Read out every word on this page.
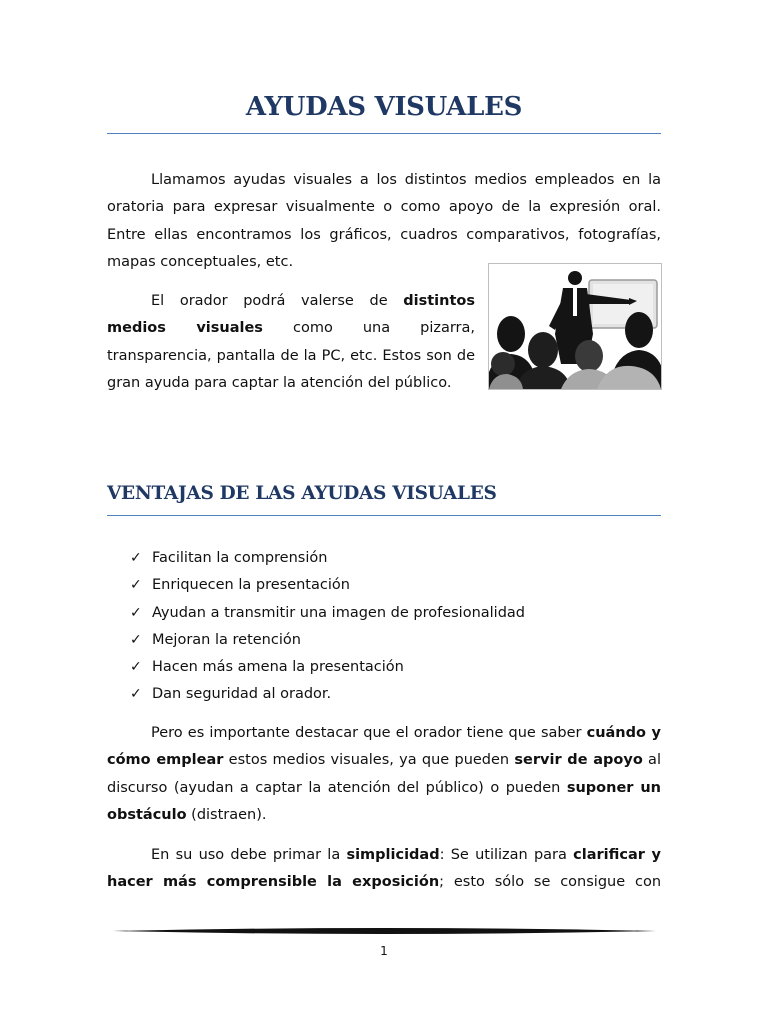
AYUDAS VISUALES
Llamamos ayudas visuales a los distintos medios empleados en la oratoria para expresar visualmente o como apoyo de la expresión oral. Entre ellas encontramos los gráficos, cuadros comparativos, fotografías, mapas conceptuales, etc.
El orador podrá valerse de distintos medios visuales como una pizarra, transparencia, pantalla de la PC, etc. Estos son de gran ayuda para captar la atención del público.
VENTAJAS DE LAS AYUDAS VISUALES
✓ Facilitan la comprensión
✓ Enriquecen la presentación
✓ Ayudan a transmitir una imagen de profesionalidad
✓ Mejoran la retención
✓ Hacen más amena la presentación
✓ Dan seguridad al orador.
Pero es importante destacar que el orador tiene que saber cuándo y cómo emplear estos medios visuales, ya que pueden servir de apoyo al discurso (ayudan a captar la atención del público) o pueden suponer un obstáculo (distraen).
En su uso debe primar la simplicidad: Se utilizan para clarificar y hacer más comprensible la exposición; esto sólo se consigue con
1
